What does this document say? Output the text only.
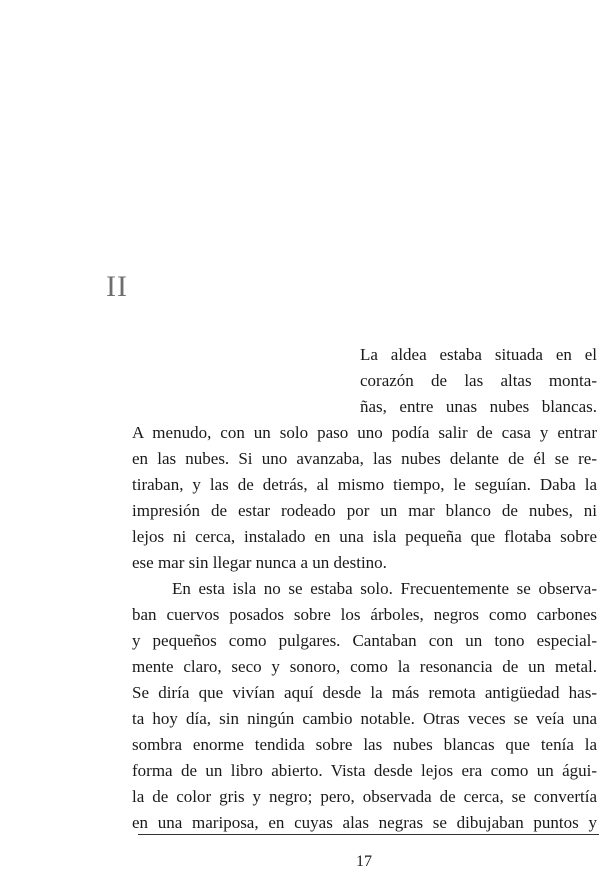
II
La aldea estaba situada en el
corazón de las altas monta-
ñas, entre unas nubes blancas.
A menudo, con un solo paso uno podía salir de casa y entrar
en las nubes. Si uno avanzaba, las nubes delante de él se re-
tiraban, y las de detrás, al mismo tiempo, le seguían. Daba la
impresión de estar rodeado por un mar blanco de nubes, ni
lejos ni cerca, instalado en una isla pequeña que flotaba sobre
ese mar sin llegar nunca a un destino.
En esta isla no se estaba solo. Frecuentemente se observa-
ban cuervos posados sobre los árboles, negros como carbones
y pequeños como pulgares. Cantaban con un tono especial-
mente claro, seco y sonoro, como la resonancia de un metal.
Se diría que vivían aquí desde la más remota antigüedad has-
ta hoy día, sin ningún cambio notable. Otras veces se veía una
sombra enorme tendida sobre las nubes blancas que tenía la
forma de un libro abierto. Vista desde lejos era como un águi-
la de color gris y negro; pero, observada de cerca, se convertía
en una mariposa, en cuyas alas negras se dibujaban puntos y
17
